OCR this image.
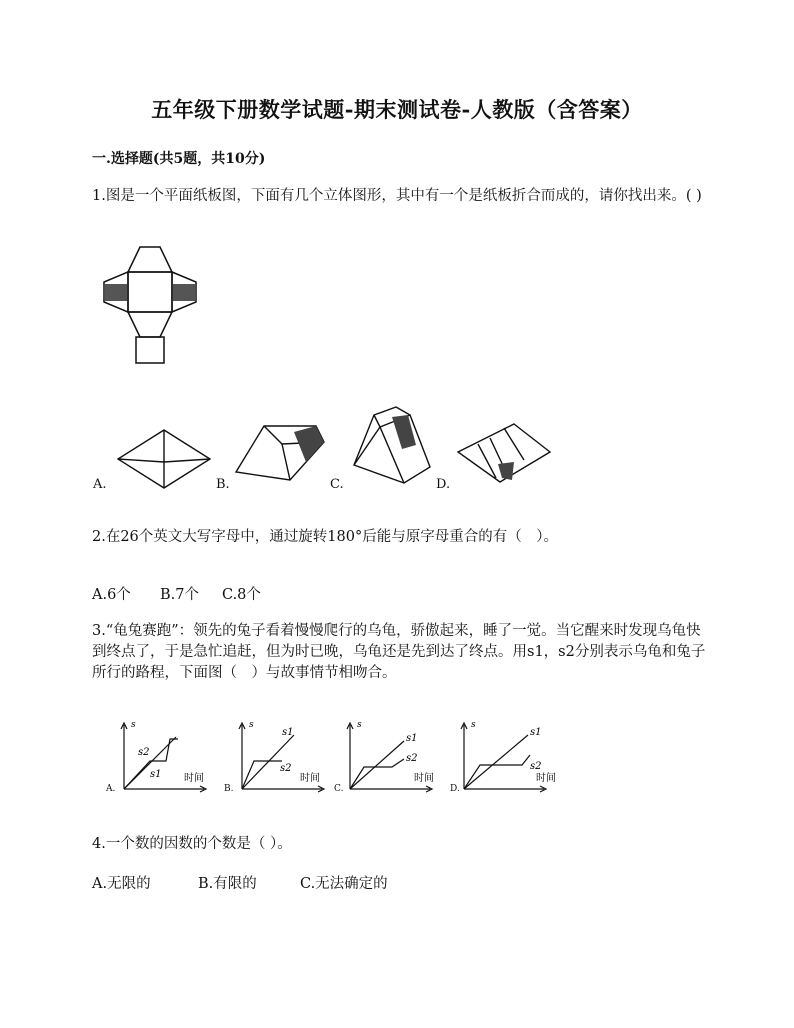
五年级下册数学试题-期末测试卷-人教版（含答案）
一.选择题(共5题，共10分)
1.图是一个平面纸板图，下面有几个立体图形，其中有一个是纸板折合而成的，请你找出来。( )
A.	B.	C.	D.
2.在26个英文大写字母中，通过旋转180°后能与原字母重合的有（　）。
A.6个 B.7个 C.8个
3.“龟兔赛跑”：领先的兔子看着慢慢爬行的乌龟，骄傲起来，睡了一觉。当它醒来时发现乌龟快到终点了，于是急忙追赶，但为时已晚，乌龟还是先到达了终点。用s1，s2分别表示乌龟和兔子所行的路程，下面图（　）与故事情节相吻合。
s
s2
s1 时间
s
s1
s2
时间
s
s1
s2
时间
s
s1
s2
时间
A.	B.	C.	D.
4.一个数的因数的个数是（ ）。
A.无限的	B.有限的	C.无法确定的
